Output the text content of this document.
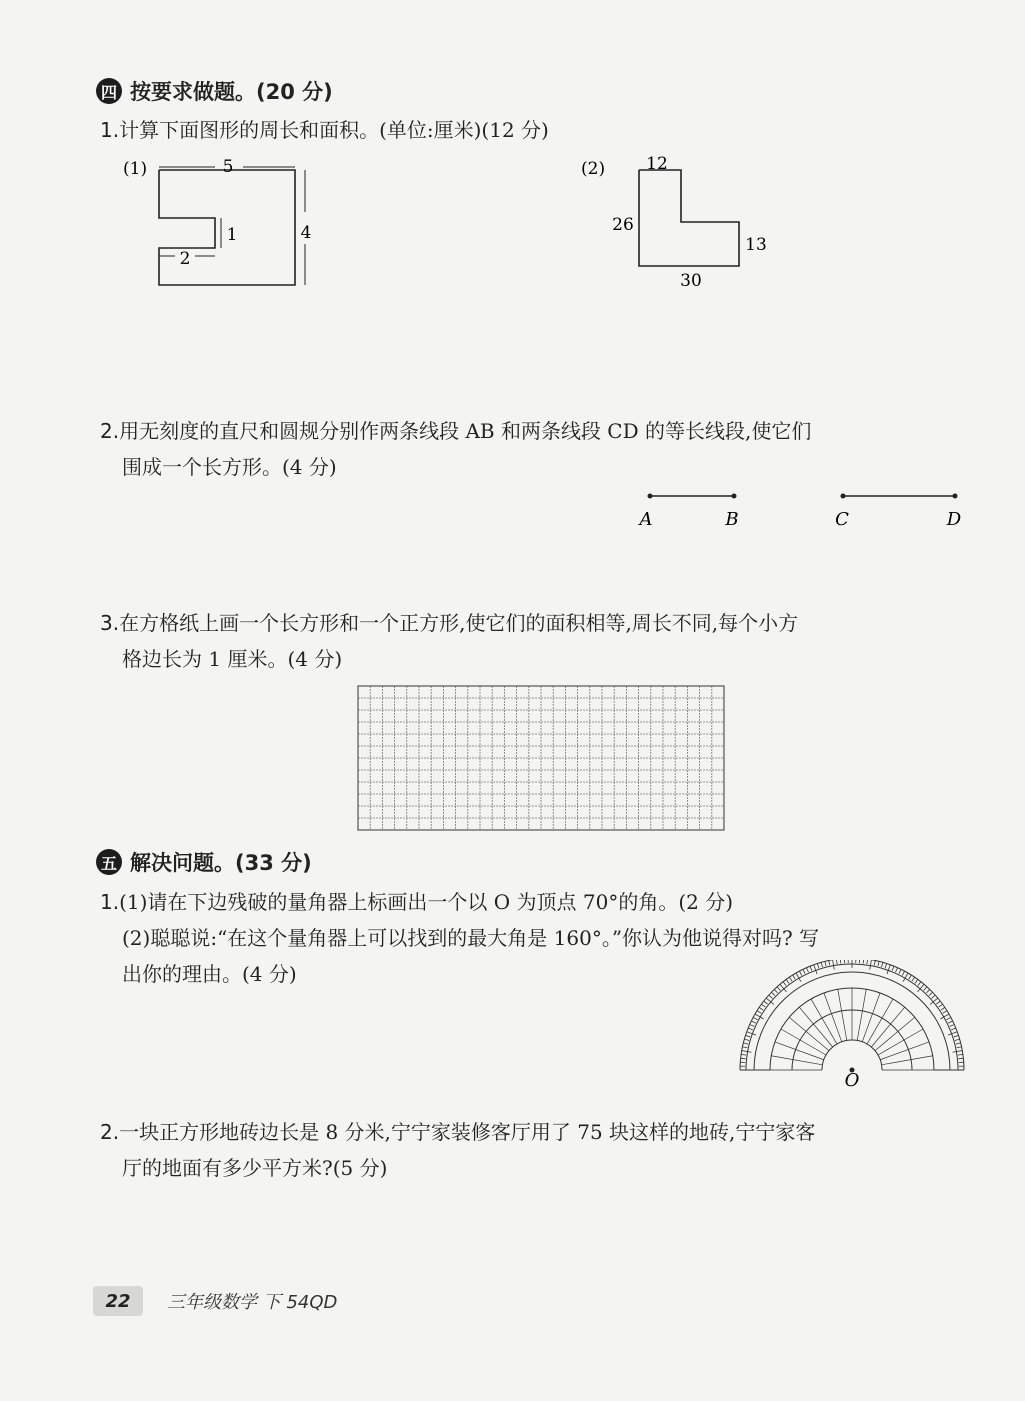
四 按要求做题。(20 分)
1.计算下面图形的周长和面积。(单位:厘米)(12 分)
(1)	5
4
1
2
(2) 12
26
13
30
2.用无刻度的直尺和圆规分别作两条线段 AB 和两条线段 CD 的等长线段,使它们
围成一个长方形。(4 分)
A	B	C	D
3.在方格纸上画一个长方形和一个正方形,使它们的面积相等,周长不同,每个小方
格边长为 1 厘米。(4 分)
五 解决问题。(33 分)
1.(1)请在下边残破的量角器上标画出一个以 O 为顶点 70°的角。(2 分)
(2)聪聪说:“在这个量角器上可以找到的最大角是 160°。”你认为他说得对吗? 写
出你的理由。(4 分)
O
2.一块正方形地砖边长是 8 分米,宁宁家装修客厅用了 75 块这样的地砖,宁宁家客
厅的地面有多少平方米?(5 分)
22	三年级数学 下 54QD
